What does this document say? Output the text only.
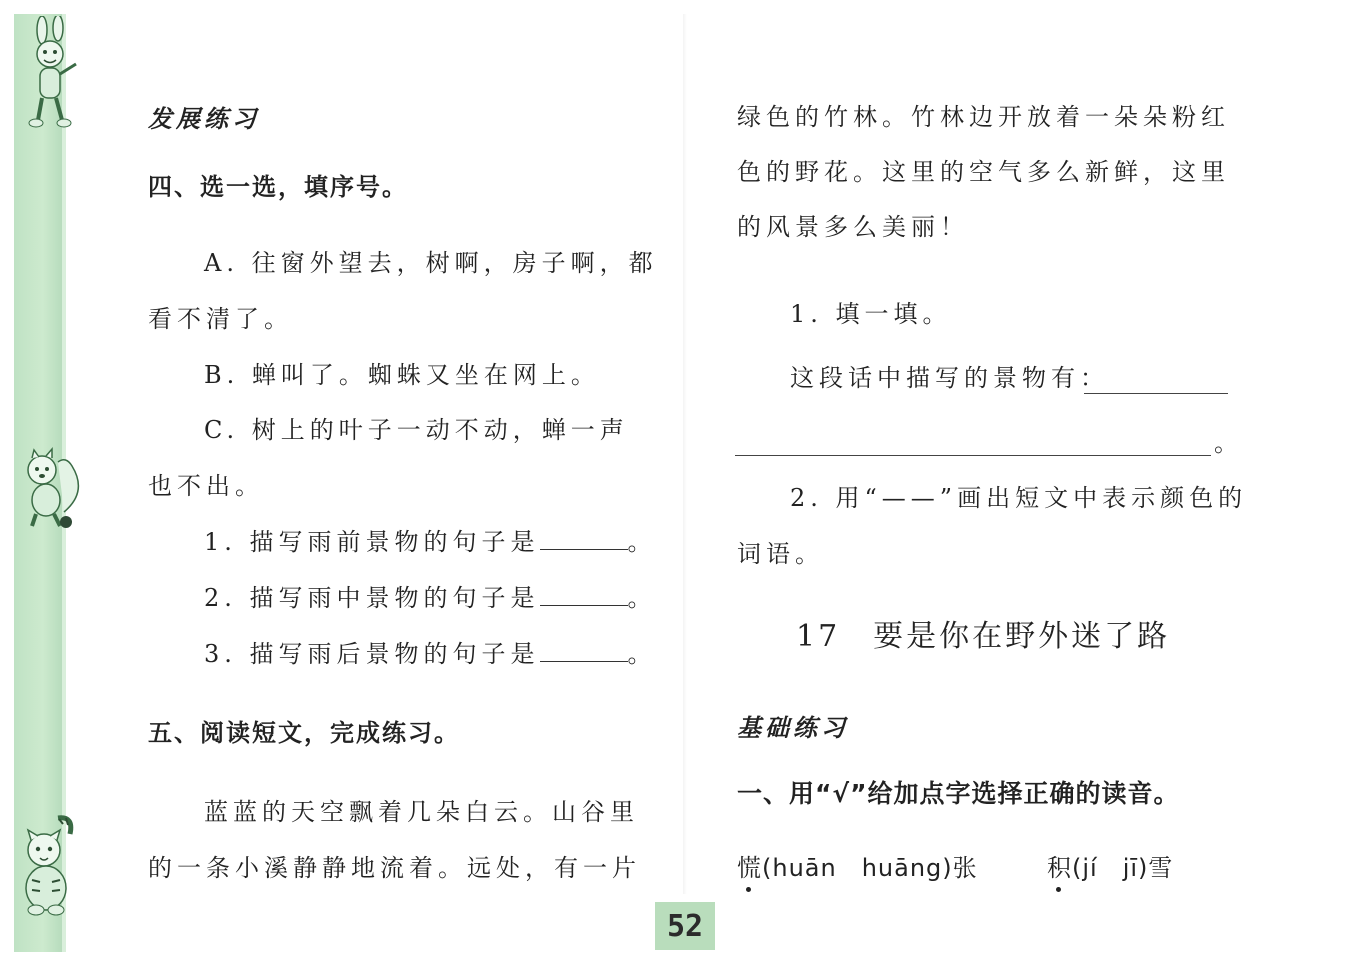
发展练习
四、选一选，填序号。
A. 往窗外望去，树啊，房子啊，都
看不清了。
B. 蝉叫了。蜘蛛又坐在网上。
C. 树上的叶子一动不动，蝉一声
也不出。
1. 描写雨前景物的句子是	。
2. 描写雨中景物的句子是	。
3. 描写雨后景物的句子是	。
五、阅读短文，完成练习。
蓝蓝的天空飘着几朵白云。山谷里
的一条小溪静静地流着。远处，有一片
绿色的竹林。竹林边开放着一朵朵粉红
色的野花。这里的空气多么新鲜，这里
的风景多么美丽！
1. 填一填。
这段话中描写的景物有：
。
2. 用“——”画出短文中表示颜色的
词语。
17　要是你在野外迷了路
基础练习
一、用“√”给加点字选择正确的读音。
慌(huān　huāng)张	积(jí　jī)雪
52
